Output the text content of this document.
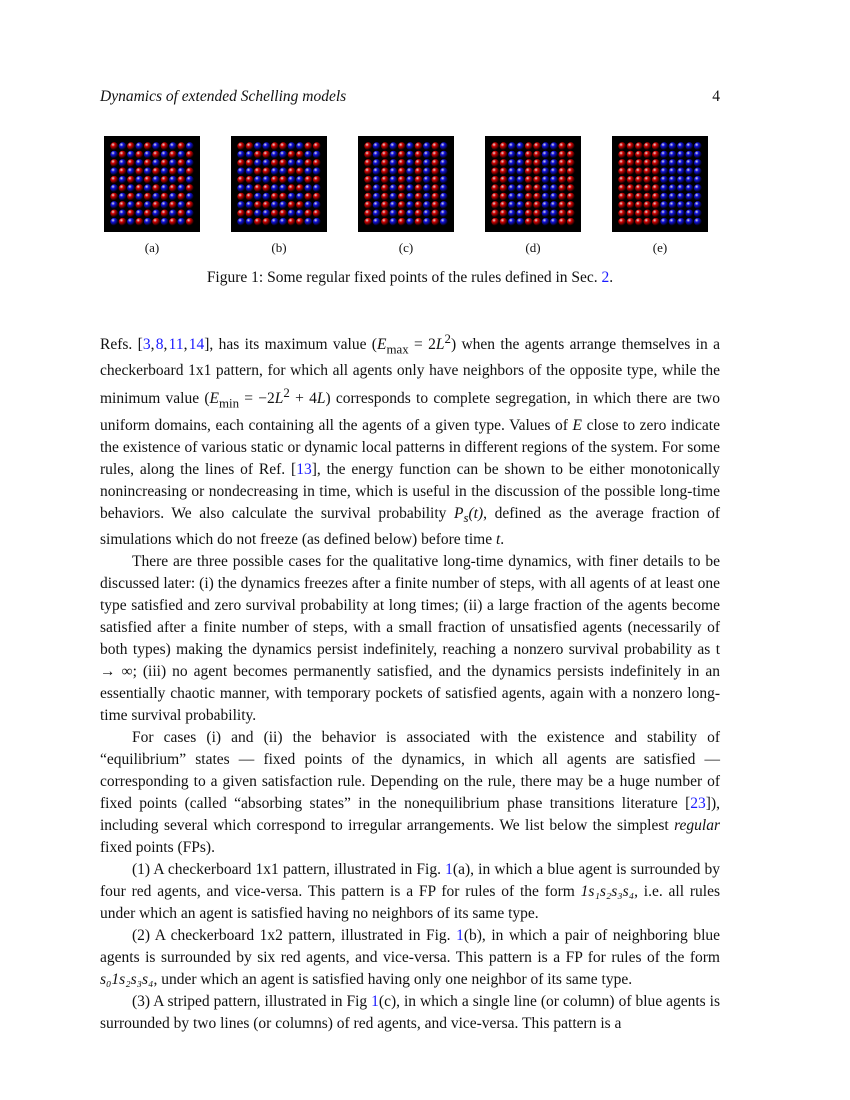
Dynamics of extended Schelling models	4
(a)	(b)	(c)	(d)	(e)
Figure 1: Some regular fixed points of the rules defined in Sec. 2.

Refs. [3, 8, 11, 14], has its maximum value $(E_{max} = 2L^2)$ when the agents arrange themselves in a checkerboard 1x1 pattern, for which all agents only have neighbors of the opposite type, while the minimum value $(E_{min} = -2L^2 + 4L)$ corresponds to complete segregation, in which there are two uniform domains, each containing all the agents of a given type. Values of E close to zero indicate the existence of various static or dynamic local patterns in different regions of the system. For some rules, along the lines of Ref. [13], the energy function can be shown to be either monotonically nonincreasing or nondecreasing in time, which is useful in the discussion of the possible long-time behaviors. We also calculate the survival probability $P_s(t)$, defined as the average fraction of simulations which do not freeze (as defined below) before time t.

There are three possible cases for the qualitative long-time dynamics, with finer details to be discussed later: (i) the dynamics freezes after a finite number of steps, with all agents of at least one type satisfied and zero survival probability at long times; (ii) a large fraction of the agents become satisfied after a finite number of steps, with a small fraction of unsatisfied agents (necessarily of both types) making the dynamics persist indefinitely, reaching a nonzero survival probability as t → ∞; (iii) no agent becomes permanently satisfied, and the dynamics persists indefinitely in an essentially chaotic manner, with temporary pockets of satisfied agents, again with a nonzero long-time survival probability.

For cases (i) and (ii) the behavior is associated with the existence and stability of “equilibrium” states — fixed points of the dynamics, in which all agents are satisfied — corresponding to a given satisfaction rule. Depending on the rule, there may be a huge number of fixed points (called “absorbing states” in the nonequilibrium phase transitions literature [23]), including several which correspond to irregular arrangements. We list below the simplest regular fixed points (FPs).

(1) A checkerboard 1x1 pattern, illustrated in Fig. 1(a), in which a blue agent is surrounded by four red agents, and vice-versa. This pattern is a FP for rules of the form 1s₁s₂s₃s₄, i.e. all rules under which an agent is satisfied having no neighbors of its same type.

(2) A checkerboard 1x2 pattern, illustrated in Fig. 1(b), in which a pair of neighboring blue agents is surrounded by six red agents, and vice-versa. This pattern is a FP for rules of the form s₀1s₂s₃s₄, under which an agent is satisfied having only one neighbor of its same type.

(3) A striped pattern, illustrated in Fig 1(c), in which a single line (or column) of blue agents is surrounded by two lines (or columns) of red agents, and vice-versa. This pattern is a
